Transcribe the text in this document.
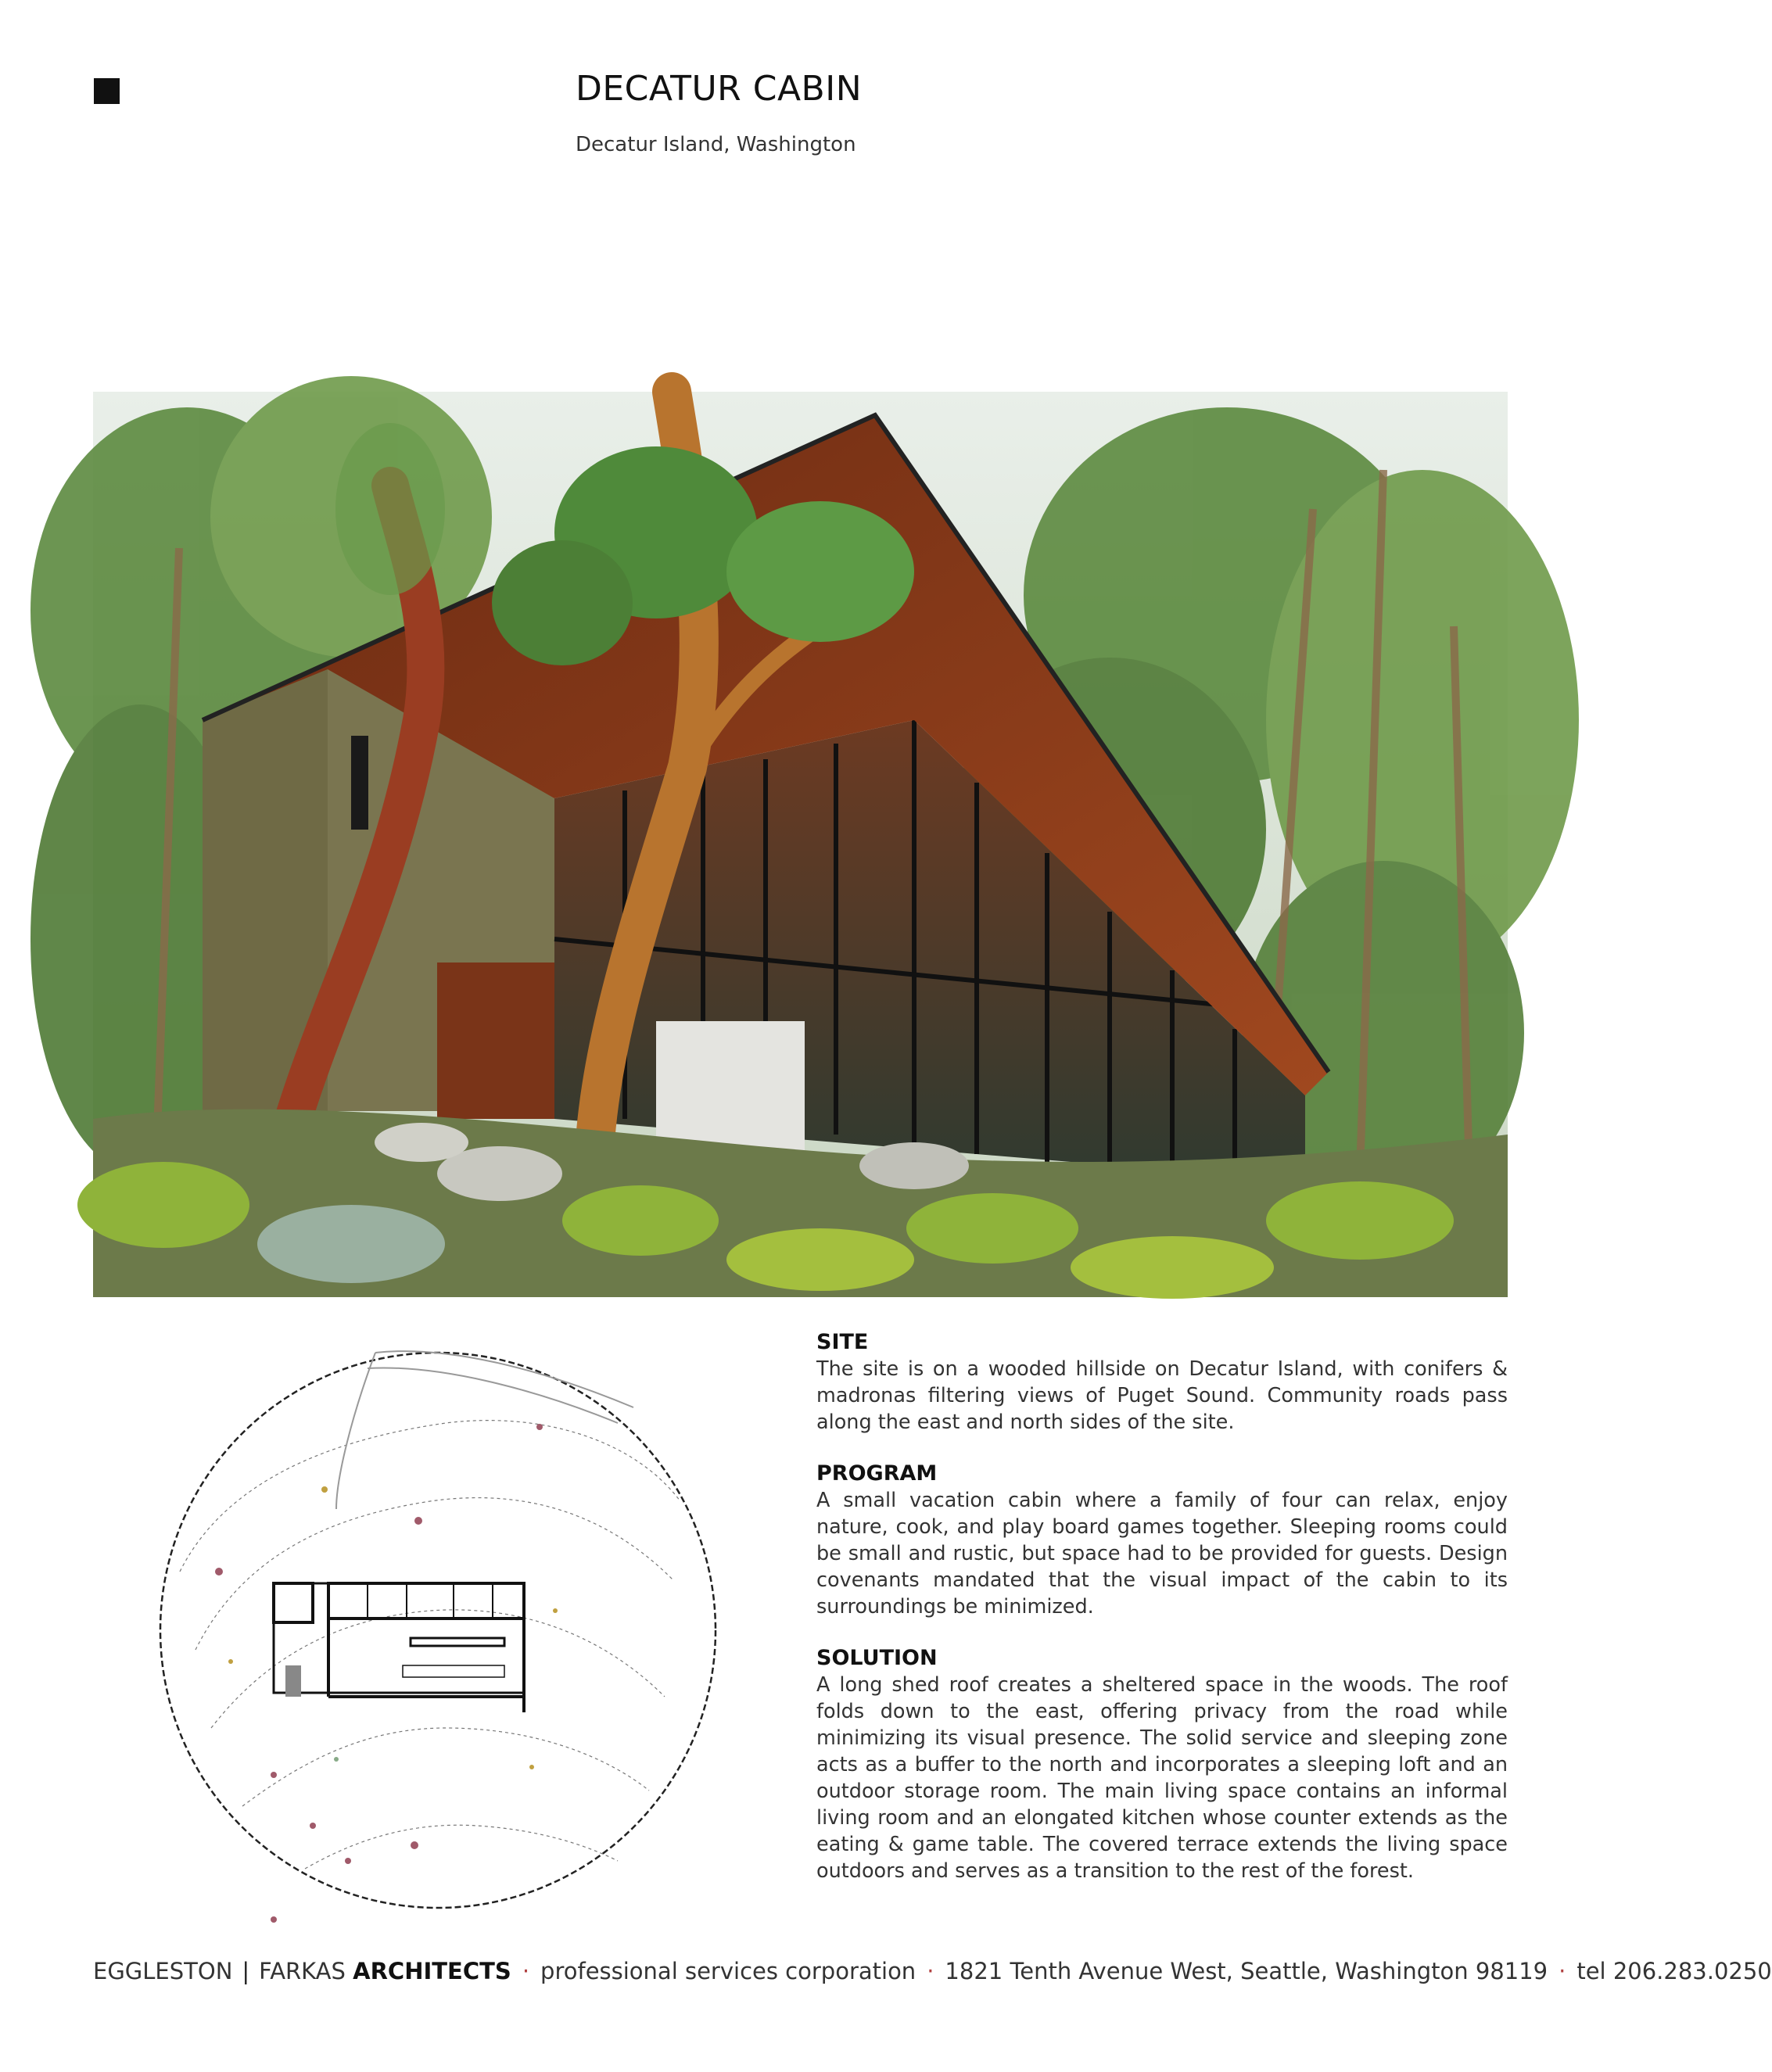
DECATUR CABIN
Decatur Island, Washington
SITE

The site is on a wooded hillside on Decatur Island, with conifers & madronas filtering views of Puget Sound. Community roads pass along the east and north sides of the site.

PROGRAM

A small vacation cabin where a family of four can relax, enjoy nature, cook, and play board games together. Sleeping rooms could be small and rustic, but space had to be provided for guests. Design covenants mandated that the visual impact of the cabin to its surroundings be minimized.

SOLUTION

A long shed roof creates a sheltered space in the woods. The roof folds down to the east, offering privacy from the road while minimizing its visual presence. The solid service and sleeping zone acts as a buffer to the north and incorporates a sleeping loft and an outdoor storage room. The main living space contains an informal living room and an elongated kitchen whose counter extends as the eating & game table. The covered terrace extends the living space outdoors and serves as a transition to the rest of the forest.

EGGLESTON | FARKAS ARCHITECTS · professional services corporation · 1821 Tenth Avenue West, Seattle, Washington 98119 · tel 206.283.0250
